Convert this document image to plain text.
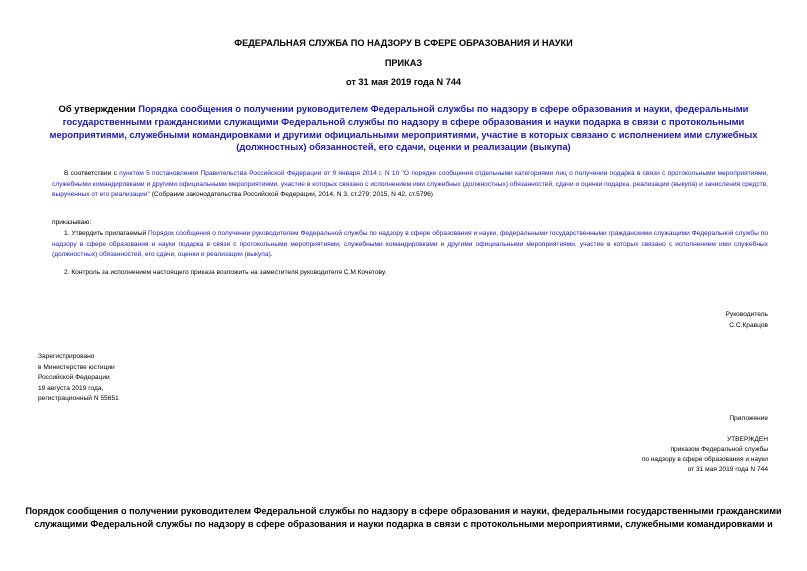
ФЕДЕРАЛЬНАЯ СЛУЖБА ПО НАДЗОРУ В СФЕРЕ ОБРАЗОВАНИЯ И НАУКИ
ПРИКАЗ
от 31 мая 2019 года N 744
Об утверждении Порядка сообщения о получении руководителем Федеральной службы по надзору в сфере образования и науки, федеральными государственными гражданскими служащими Федеральной службы по надзору в сфере образования и науки подарка в связи с протокольными мероприятиями, служебными командировками и другими официальными мероприятиями, участие в которых связано с исполнением ими служебных (должностных) обязанностей, его сдачи, оценки и реализации (выкупа)
В соответствии с пунктом 5 постановления Правительства Российской Федерации от 9 января 2014 г. N 10 "О порядке сообщения отдельными категориями лиц о получении подарка в связи с протокольными мероприятиями, служебными командировками и другими официальными мероприятиями, участие в которых связано с исполнением ими служебных (должностных) обязанностей, сдачи и оценки подарка, реализации (выкупа) и зачисления средств, вырученных от его реализации" (Собрание законодательства Российской Федерации, 2014, N 3, ст.279; 2015, N 42, ст.5796)
приказываю:
1. Утвердить прилагаемый Порядок сообщения о получении руководителем Федеральной службы по надзору в сфере образования и науки, федеральными государственными гражданскими служащими Федеральной службы по надзору в сфере образования и науки подарка в связи с протокольными мероприятиями, служебными командировками и другими официальными мероприятиями, участие в которых связано с исполнением ими служебных (должностных) обязанностей, его сдачи, оценки и реализации (выкупа).
2. Контроль за исполнением настоящего приказа возложить на заместителя руководителя С.М.Кочетову.
Руководитель
С.С.Кравцов
Зарегистрировано
в Министерстве юстиции
Российской Федерации
19 августа 2019 года,
регистрационный N 55651
Приложение
УТВЕРЖДЕН
приказом Федеральной службы
по надзору в сфере образования и науки
от 31 мая 2019 года N 744
Порядок сообщения о получении руководителем Федеральной службы по надзору в сфере образования и науки, федеральными государственными гражданскими служащими Федеральной службы по надзору в сфере образования и науки подарка в связи с протокольными мероприятиями, служебными командировками и
